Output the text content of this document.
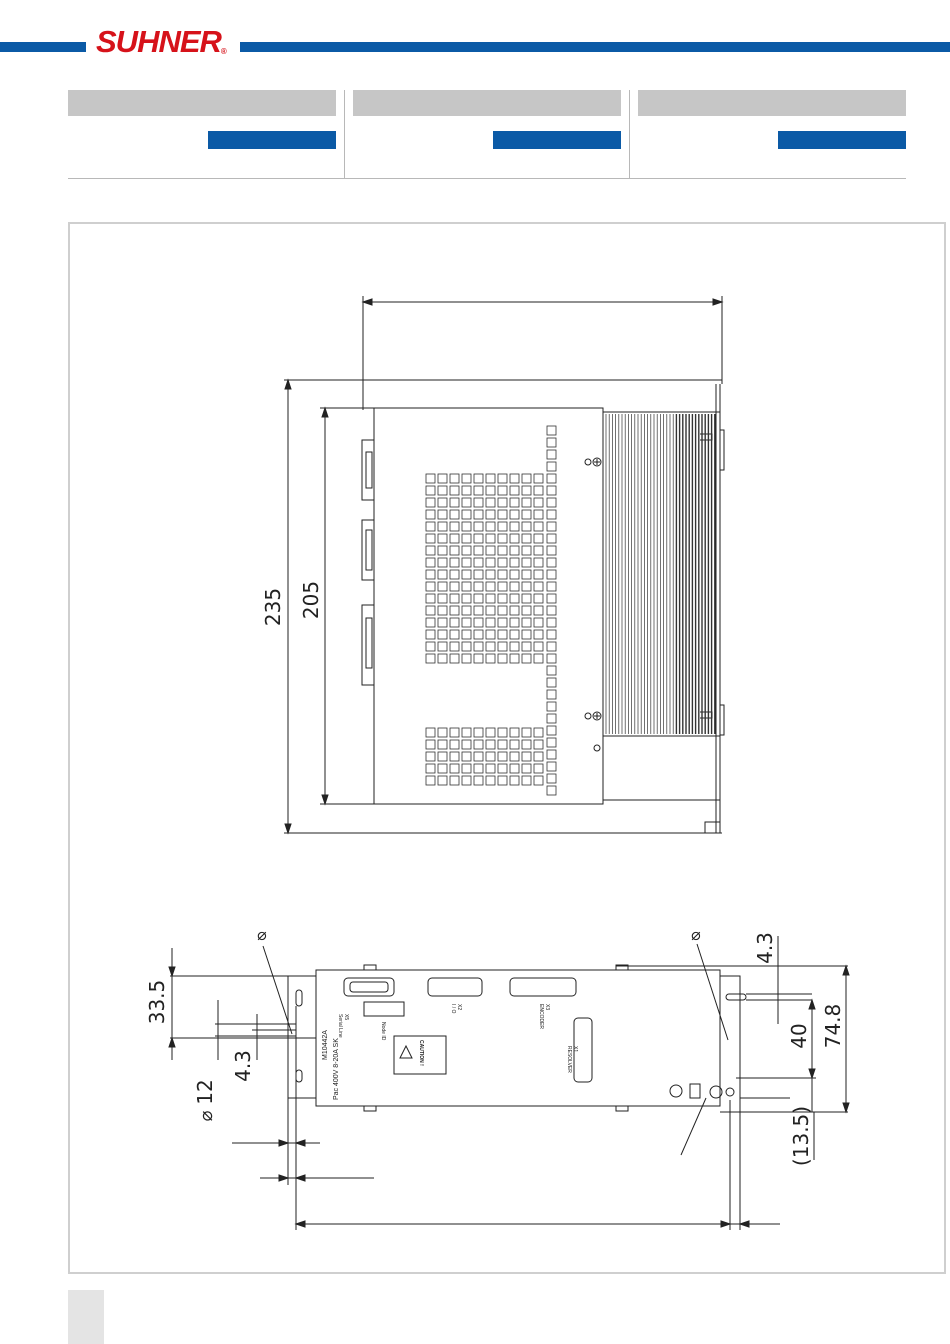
SUHNER®
235 205
⌀	⌀
33.5
12
⌀
4.3
4.3
40 74.8
(13.5)
X5
Serial Line
X2
I / O	X3
ENCODER
X1
RESOLVER
Node ID
CAUTION !
M10442A Pac 400V 8-20A SK
